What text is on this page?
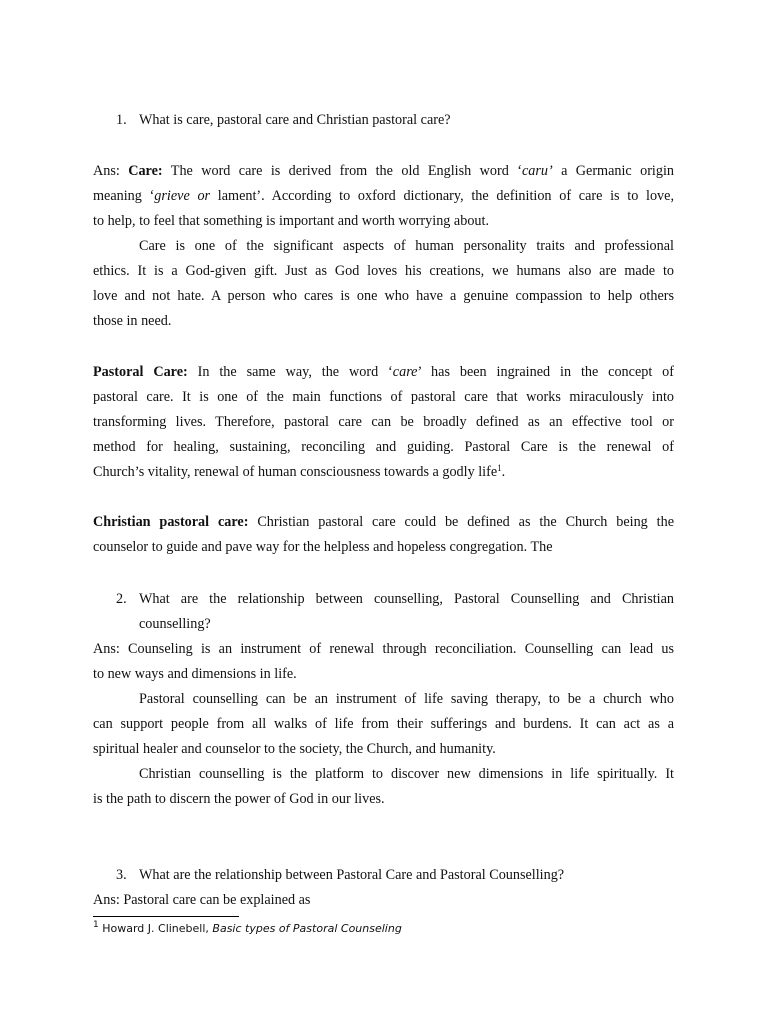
1. What is care, pastoral care and Christian pastoral care?
Ans: Care: The word care is derived from the old English word ‘caru’ a Germanic origin
meaning ‘grieve or lament’. According to oxford dictionary, the definition of care is to love,
to help, to feel that something is important and worth worrying about.
Care is one of the significant aspects of human personality traits and professional
ethics. It is a God-given gift. Just as God loves his creations, we humans also are made to
love and not hate. A person who cares is one who have a genuine compassion to help others
those in need.
Pastoral Care: In the same way, the word ‘care’ has been ingrained in the concept of
pastoral care. It is one of the main functions of pastoral care that works miraculously into
transforming lives. Therefore, pastoral care can be broadly defined as an effective tool or
method for healing, sustaining, reconciling and guiding. Pastoral Care is the renewal of
Church’s vitality, renewal of human consciousness towards a godly life$^1$.
Christian pastoral care: Christian pastoral care could be defined as the Church being the
counselor to guide and pave way for the helpless and hopeless congregation. The
2. What are the relationship between counselling, Pastoral Counselling and Christian
counselling?
Ans: Counseling is an instrument of renewal through reconciliation. Counselling can lead us
to new ways and dimensions in life.
Pastoral counselling can be an instrument of life saving therapy, to be a church who
can support people from all walks of life from their sufferings and burdens. It can act as a
spiritual healer and counselor to the society, the Church, and humanity.
Christian counselling is the platform to discover new dimensions in life spiritually. It
is the path to discern the power of God in our lives.
3. What are the relationship between Pastoral Care and Pastoral Counselling?
Ans: Pastoral care can be explained as
$^1$ Howard J. Clinebell, Basic types of Pastoral Counseling
